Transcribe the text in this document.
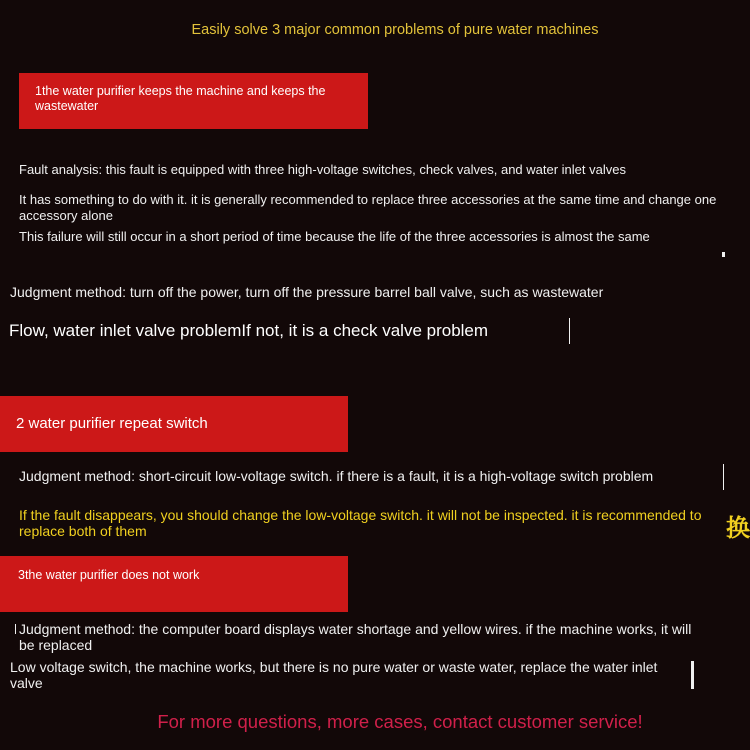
Easily solve 3 major common problems of pure water machines
1the water purifier keeps the machine and keeps the wastewater
Fault analysis: this fault is equipped with three high-voltage switches, check valves, and water inlet valves
It has something to do with it. it is generally recommended to replace three accessories at the same time and change one accessory alone
This failure will still occur in a short period of time because the life of the three accessories is almost the same
Judgment method: turn off the power, turn off the pressure barrel ball valve, such as wastewater
Flow, water inlet valve problemIf not, it is a check valve problem
2 water purifier repeat switch
Judgment method: short-circuit low-voltage switch. if there is a fault, it is a high-voltage switch problem
If the fault disappears, you should change the low-voltage switch. it will not be inspected. it is recommended to replace both of them	换
3the water purifier does not work
Judgment method: the computer board displays water shortage and yellow wires. if the machine works, it will be replaced
Low voltage switch, the machine works, but there is no pure water or waste water, replace the water inlet valve
For more questions, more cases, contact customer service!
